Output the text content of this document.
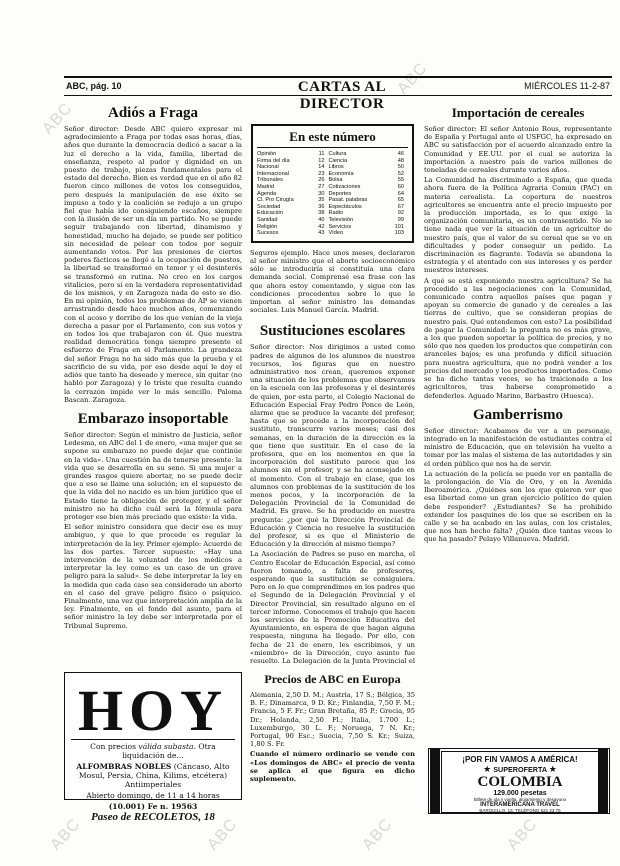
ABC
ABC
ABC	ABC	ABC	ABC
ABC, pág. 10	CARTAS AL DIRECTOR
MIÉRCOLES 11-2-87
Adiós a Fraga

Señor director: Desde ABC quiero expresar mi agradecimiento a Fraga por todas esas horas, días, años que durante la democracia dedicó a sacar a la luz el derecho a la vida, familia, libertad de enseñanza, respeto al pudor y dignidad en un puesto de trabajo, piezas fundamentales para el estado del derecho. Bien es verdad que en el año 82 fueron cinco millones de votos los conseguidos, pero después la manipulación de ese éxito se impuso a todo y la coalición se redujo a un grupo fiel que había ido consiguiendo escaños, siempre con la ilusión de ser un día un partido. No se puede seguir trabajando con libertad, dinamismo y honestidad, mucho ha dejado, se puede ser político sin necesidad de pelear con todos por seguir aumentando votos. Por las presiones de ciertos poderes fácticos se llegó a la ocupación de puestos, la libertad se transformó en temor y el desinterés se transformó en rutina. No creo en los cargos vitalicios, pero sí en la verdadera representatividad de los mismos, y en Zaragoza nada de esto se dio. En mi opinión, todos los problemas de AP se vienen arrastrando desde hace muchos años, comenzando con el acoso y derribo de los que venían de la vieja derecha a pasar por el Parlamento, con sus votos y en todos los que trabajaron con él. Que nuestra realidad democrática tenga siempre presente el esfuerzo de Fraga en el Parlamento. La grandeza del señor Fraga no ha sido más que la prueba y el sacrificio de su vida, por eso desde aquí le doy el adiós que tanto ha deseado y merece, sin quitar (no habló por Zaragoza) y lo triste que resulta cuando la cerrazón impide ver lo más sencillo. Paloma Bascan. Zaragoza.

Embarazo insoportable

Señor director: Según el ministro de Justicia, señor Ledesma, en ABC del 1 de enero, «una mujer que se supone su embarazo no puede dejar que continúe en la vida». Una cuestión ha de tenerse presente: la vida que se desarrolla en su seno. Si una mujer a grandes rasgos quiere abortar, no se puede decir que a eso se llame una solución; en el supuesto de que la vida del no nacido es un bien jurídico que el Estado tiene la obligación de proteger, y el señor ministro no ha dicho cuál será la fórmula para proteger ese bien más preciado que existe: la vida.

El señor ministro considera que decir ese es muy ambiguo, y que lo que procede es regular la interpretación de la ley. Primer ejemplo: Acuerdo de las dos partes. Tercer supuesto: «Hay una intervención de la voluntad de los médicos a interpretar la ley como es un caso de un grave peligro para la salud». Se debe interpretar la ley en la medida que cada caso sea considerado un aborto en el caso del grave peligro físico o psíquico. Finalmente, una vez que interpretación amplia de la ley. Finalmente, en el fondo del asunto, para el señor ministro la ley debe ser interpretada por el Tribunal Supremo.

HOY
Con precios válida subasta. Otra liquidación de...
ALFOMBRAS NOBLES (Cáncaso, Alto Mosul, Persia, China, Kilims, etcétera) Antiimperiales
Abierto domingo, de 11 a 14 horas
(10.001) Fe n. 19563
Paseo de RECOLETOS, 18
En este número
Opinión	11	Cultura	46
Firma del día	12	Ciencia	48
Nacional	14	Libros	50
Internacional	23	Economía	52
Tribunales	26	Bolsa	55
Madrid	27	Cotizaciones	60
Agenda	30	Deportes	64
Cl. Pro Cirugía	35	Pasat. palabras	65
Sociedad	36	Espectáculos	67
Educación	38	Radio	92
Sanidad	40	Televisión	99
Religión	42	Servicios	101
Sucesos	43	Vídeo	103

Seguros ejemplo. Hace unos meses, declararon al señor ministro que el aborto socioeconómico sólo se introduciría si constituía una clara demanda social. Comprensé esa frase con las que ahora estoy comentando, y sigue con las condiciones procedentes sobre lo que le importan al señor ministro las demandas sociales. Luis Manuel García. Madrid.

Sustituciones escolares

Señor director: Nos dirigimos a usted como padres de algunos de los alumnos de nuestros recursos, los figuras que en nuestro administrativo nos crean, queremos exponer una situación de los problemas que observamos en la escuela con las profesoras y el desinterés de quien, por esta parte, el Colegio Nacional de Educación Especial Fray Pedro Ponce de León, alarme que se produce la vacante del profesor, hasta que se procede a la incorporación del sustituto, transcurre varios meses; casi dos semanas, en la duración de la dirección es la que tiene que sustituir. En el caso de la profesora, que en los momentos en que la incorporación del sustituto parece que los alumnos sin el profesor, y se ha aconsejado en el momento. Con el trabajo en clase, que los alumnos con problemas de la sustitución de los menos pocos, y la incorporación de la Delegación Provincial de la Comunidad de Madrid. Es grave. Se ha producido en nuestra pregunta: ¿por qué la Dirección Provincial de Educación y Ciencia no resuelve la sustitución del profesor, si es que el Ministerio de Educación y la dirección al mismo tiempo?

La Asociación de Padres se puso en marcha, el Centro Escolar de Educación Especial, así como fueron tomando, a falta de profesores, esperando que la sustitución se consiguiera. Pero en lo que comprendimos en los padres que el Segundo de la Delegación Provincial y el Director Provincial, sin resultado alguno en el tercer informe. Conocemos el trabajo que hacen los servicios de la Promoción Educativa del Ayuntamiento, en espera de que hagan alguna respuesta, ninguna ha llegado. Por ello, con fecha de 21 de enero, les escribimos, y un «miembro» de la Dirección, cuyo asunto fue resuelto. La Delegación de la Junta Provincial el

Precios de ABC en Europa

Alemania, 2,50 D. M.; Austria, 17 S.; Bélgica, 35 B. F.; Dinamarca, 9 D. Kr.; Finlandia, 7,50 F. M.; Francia, 5 F. Fr.; Gran Bretaña, 85 P.; Grecia, 95 Dr.; Holanda, 2,50 Fl.; Italia, 1.700 L.; Luxemburgo, 30 L. F.; Noruega, 7 N. Kr.; Portugal, 90 Esc.; Suecia, 7,50 S. Kr.; Suiza, 1,80 S. Fr.

Cuando el número ordinario se vende con «Los domingos de ABC» el precio de venta se aplica el que figura en dicho suplemento.

Importación de cereales

Señor director: El señor Antonio Rous, representante de España y Portugal ante el USFGC, ha expresado en ABC su satisfacción por el acuerdo alcanzado entre la Comunidad y EE.UU. por el cual se autoriza la importación a nuestro país de varios millones de toneladas de cereales durante varios años.

La Comunidad ha discriminado a España, que queda ahora fuera de la Política Agraria Común (PAC) en materia cerealista. La copertura de nuestros agricultores se encuentra ante el precio impuesto por la producción importada, es lo que exige la organización comunitaria, es un contrasentido. No se tiene nada que ver la situación de un agricultor de nuestro país, que el valor de su cereal que se ve en dificultades y poder conseguir un pedido. La discriminación es flagrante. Todavía se abandona la estrategia y el atentado con sus intereses y es perder nuestros intereses.

A qué se está exponiendo nuestra agricultura? Se ha procedido a las negociaciones con la Comunidad, comunicado contra aquellos países que pagan y apoyan su comercio de ganado y de cereales a las tierras de cultivo, que se consideran propias de nuestro país. Qué entendemos con esto? La posibilidad de pagar la Comunidad: la pregunta no es más grave, a los que pueden soportar la política de precios, y no sólo que nos queden los productos que competirán con aranceles bajos; es una profunda y difícil situación para nuestra agricultura, que no podrá vender a los precios del mercado y los productos importados. Como se ha dicho tantas veces, se ha traicionado a los agricultores, tras haberse comprometido a defenderlos. Aguado Marino, Barbastro (Huesca).

Gamberrismo

Señor director: Acabamos de ver a un personaje, integrado en la manifestación de estudiantes contra el ministro de Educación, que en televisión ha vuelto a tomar por las malas el sistema de las autoridades y sin el orden público que nos ha de servir.

La actuación de la policía se puede ver en pantalla de la prolongación de Vía de Oro, y en la Avenida Iberoamérica. ¿Quiénes son los que quieren ver que esa libertad como un gran ejercicio político de quien debe responder? ¿Estudiantes? Se ha prohibido extender los pasquines de los que se escriben en la calle y se ha acabado en las aulas, con los cristales, que nos han hecho falta? ¿Quién dice tantas veces lo que ha pasado? Pelayo Villanueva. Madrid.

¡POR FIN VAMOS A AMÉRICA!
★ SUPEROFERTA ★
COLOMBIA
129.000 pesetas
Billete de ida y vuelta, alojamiento y desayuno
INTERAMERICANA TRAVEL
BARQUILLO, 13. TELÉFONO 521 23 76
